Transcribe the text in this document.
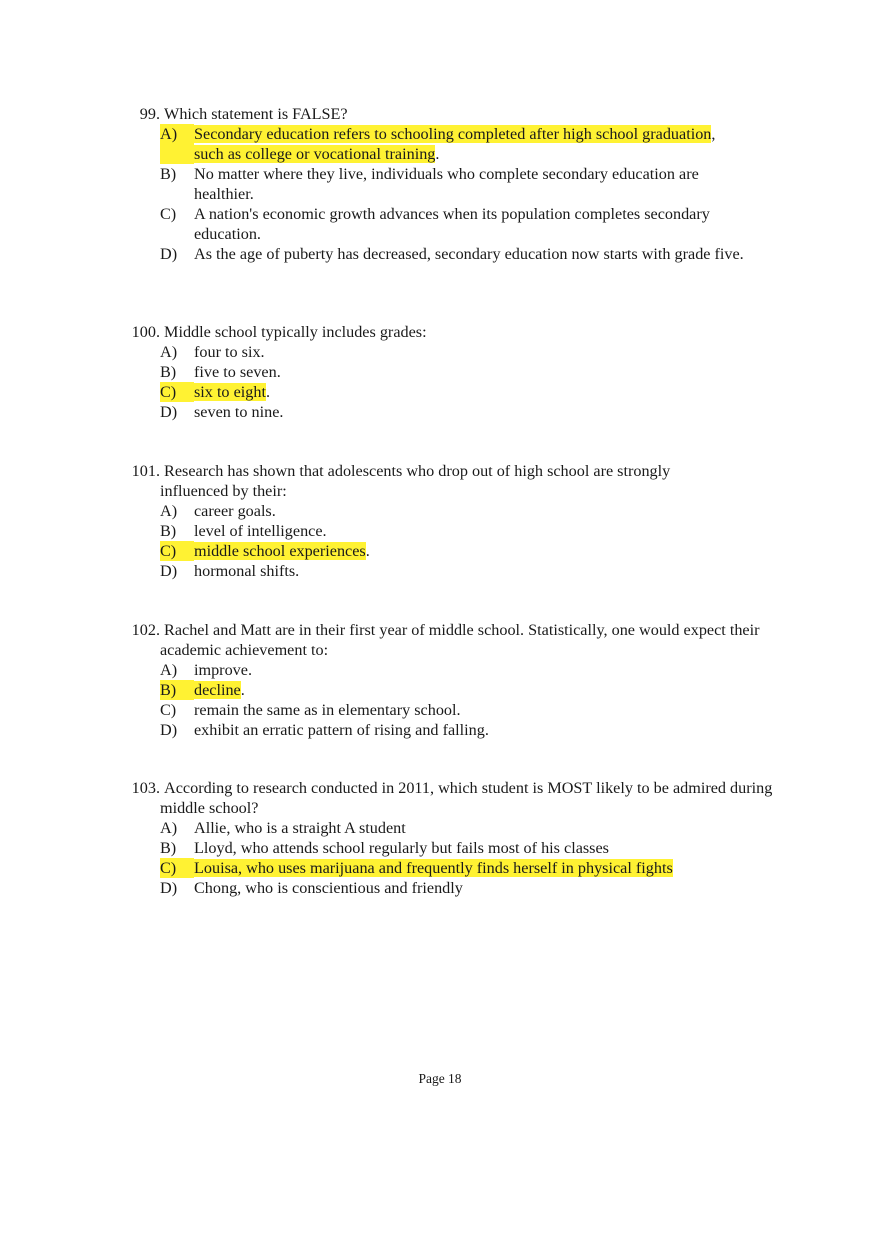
99. Which statement is FALSE?
A)	Secondary education refers to schooling completed after high school graduation,
such as college or vocational training.
B)	No matter where they live, individuals who complete secondary education are healthier.
C)	A nation's economic growth advances when its population completes secondary education.
D)	As the age of puberty has decreased, secondary education now starts with grade five.
100. Middle school typically includes grades:
A)	four to six.
B)	five to seven.
C)	six to eight.
D)	seven to nine.
101. Research has shown that adolescents who drop out of high school are strongly influenced by their:
A)	career goals.
B)	level of intelligence.
C)	middle school experiences.
D)	hormonal shifts.
102. Rachel and Matt are in their first year of middle school. Statistically, one would expect their academic achievement to:
A)	improve.
B)	decline.
C)	remain the same as in elementary school.
D)	exhibit an erratic pattern of rising and falling.
103. According to research conducted in 2011, which student is MOST likely to be admired during middle school?
A)	Allie, who is a straight A student
B)	Lloyd, who attends school regularly but fails most of his classes
C)	Louisa, who uses marijuana and frequently finds herself in physical fights
D)	Chong, who is conscientious and friendly
Page 18
